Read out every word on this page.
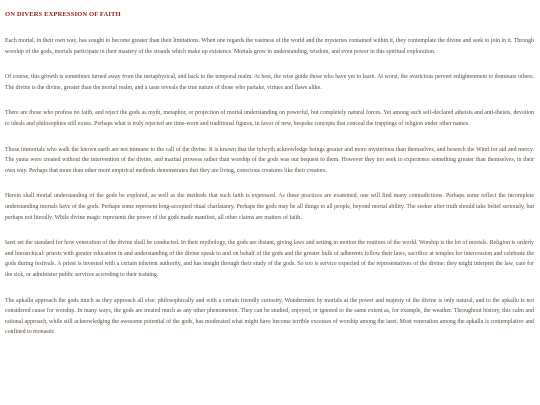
ON DIVERS EXPRESSION OF FAITH

Each mortal, in their own way, has sought to become greater than their limitations. When one regards the vastness of the world and the mysteries contained within it, they contemplate the divine and seek to join in it. Through worship of the gods, mortals participate in their mastery of the strands which make up existence. Mortals grow in understanding, wisdom, and even power in this spiritual exploration.

Of course, this growth is sometimes turned away from the metaphysical, and back to the temporal realm. At best, the wise guide those who have yet to learn. At worst, the avaricious pervert enlightenment to dominate others. The divine is the divine, greater than the mortal realm, and a taste reveals the true nature of those who partake, virtues and flaws alike.

There are those who profess no faith, and reject the gods as myth, metaphor, or projection of mortal understanding on powerful, but completely natural forces. Yet among such self-declared atheists and anti-theists, devotion to ideals and philosophies still exists. Perhaps what is truly rejected are time-worn and traditional figures, in favor of new, bespoke concepts that conceal the trappings of religion under other names.

Those immortals who walk the known earth are not immune to the call of the divine. It is known that the tylwyth acknowledge beings greater and more mysterious than themselves, and beseech the Wind for aid and mercy. The yanta were created without the intervention of the divine, and martial prowess rather than worship of the gods was our bequest to them. However they too seek to experience something greater than themselves, in their own way. Perhaps that more than other more empirical methods demonstrates that they are living, conscious creatures like their creators.

Herein shall mortal understanding of the gods be explored, as well as the methods that such faith is expressed. As these practices are examined, one will find many contradictions. Perhaps some reflect the incomplete understanding mortals have of the gods. Perhaps some represent long-accepted ritual charlatanry. Perhaps the gods may be all things to all people, beyond mortal ability. The seeker after truth should take belief seriously, but perhaps not literally. While divine magic represents the power of the gods made manifest, all other claims are matters of faith.

Iaret set the standard for how veneration of the divine shall be conducted. In their mythology, the gods are distant, giving laws and setting in motion the routines of the world. Worship is the lot of mortals. Religion is orderly and hierarchical: priests with greater education in and understanding of the divine speak to and on behalf of the gods and the greater bulk of adherents follow their laws, sacrifice at temples for intercession and celebrate the gods during festivals. A priest is invested with a certain inherent authority, and has insight through their study of the gods. So too is service expected of the representatives of the divine: they might interpret the law, care for the sick, or administer public services according to their training.

The apkallu approach the gods much as they approach all else: philosophically and with a certain friendly curiosity. Wonderment by mortals at the power and majesty of the divine is only natural, and to the apkallu is not considered cause for worship. In many ways, the gods are treated much as any other phenomenon. They can be studied, enjoyed, or ignored to the same extent as, for example, the weather. Throughout history, this calm and rational approach, while still acknowledging the awesome potential of the gods, has moderated what might have become terrible excesses of worship among the iaret. Most veneration among the apkallu is contemplative and confined to monastic
